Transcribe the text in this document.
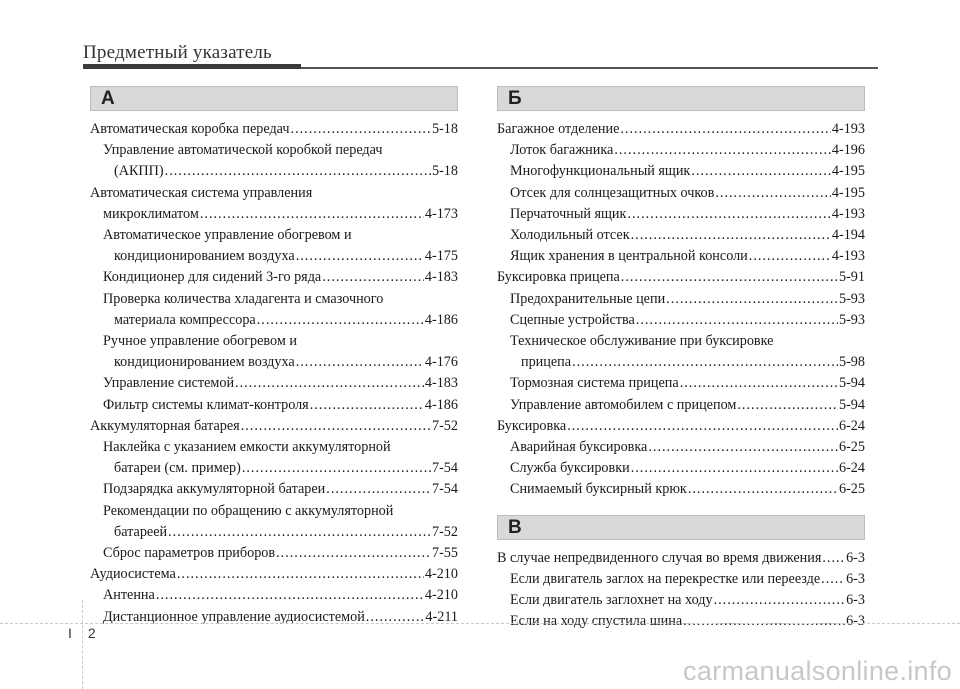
Предметный указатель
А
Автоматическая коробка передач .....	5-18
Управление автоматической коробкой передач
(АКПП) .....	5-18
Автоматическая система управления
микроклиматом .....	4-173
Автоматическое управление обогревом и
кондиционированием воздуха .....	4-175
Кондиционер для сидений 3-го ряда .....	4-183
Проверка количества хладагента и смазочного
материала компрессора .....	4-186
Ручное управление обогревом и
кондиционированием воздуха .....	4-176
Управление системой .....	4-183
Фильтр системы климат-контроля .....	4-186
Аккумуляторная батарея .....	7-52
Наклейка с указанием емкости аккумуляторной
батареи (см. пример) .....	7-54
Подзарядка аккумуляторной батареи .....	7-54
Рекомендации по обращению с аккумуляторной
батареей .....	7-52
Сброс параметров приборов .....	7-55
Аудиосистема .....	4-210
Антенна .....	4-210
Дистанционное управление аудиосистемой .....	4-211
Б
Багажное отделение .....	4-193
Лоток багажника .....	4-196
Многофункциональный ящик .....	4-195
Отсек для солнцезащитных очков .....	4-195
Перчаточный ящик .....	4-193
Холодильный отсек .....	4-194
Ящик хранения в центральной консоли .....	4-193
Буксировка прицепа .....	5-91
Предохранительные цепи .....	5-93
Сцепные устройства .....	5-93
Техническое обслуживание при буксировке
прицепа .....	5-98
Тормозная система прицепа .....	5-94
Управление автомобилем с прицепом .....	5-94
Буксировка .....	6-24
Аварийная буксировка .....	6-25
Служба буксировки .....	6-24
Снимаемый буксирный крюк .....	6-25
В
В случае непредвиденного случая во время движения ..... 6-3
Если двигатель заглох на перекрестке или переезде ..... 6-3
Если двигатель заглохнет на ходу .....	6-3
Если на ходу спустила шина .....	6-3
I 2
carmanualsonline.info
